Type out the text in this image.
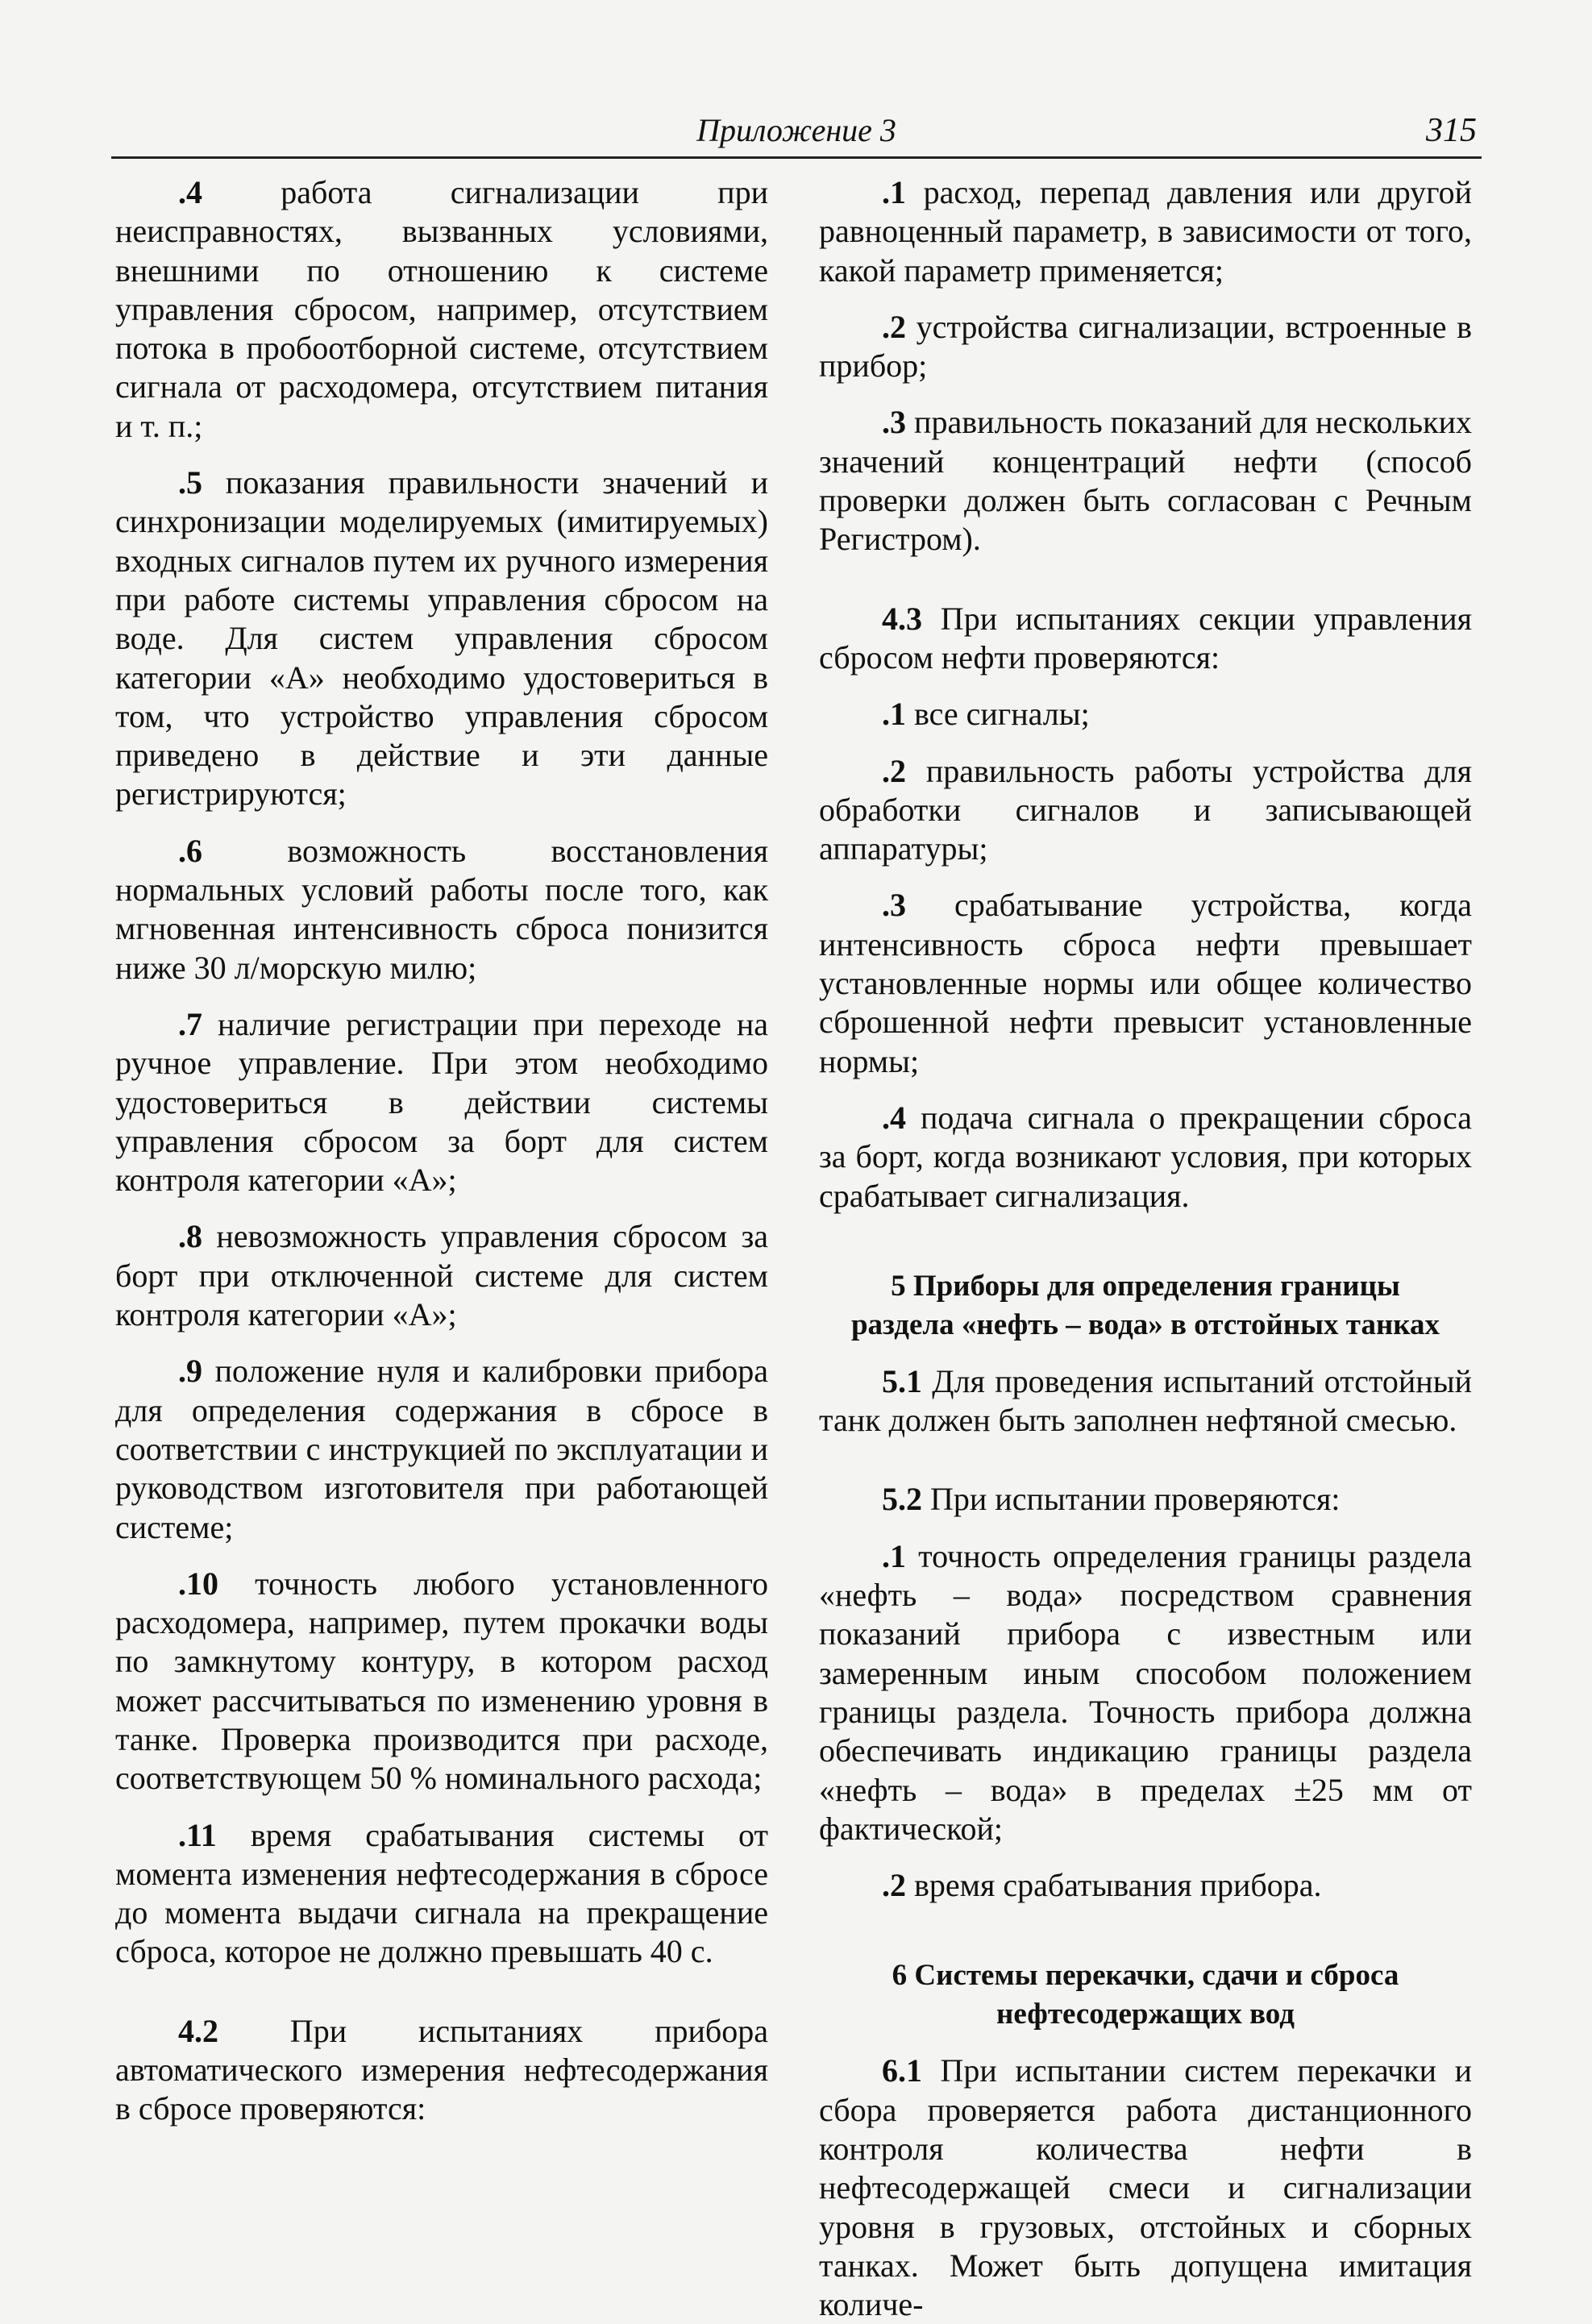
Приложение 3	315

.4 работа сигнализации при неисправностях, вызванных условиями, внешними по отношению к системе управления сбросом, например, отсутствием потока в пробоотборной системе, отсутствием сигнала от расходомера, отсутствием питания и т. п.;

.5 показания правильности значений и синхронизации моделируемых (имитируемых) входных сигналов путем их ручного измерения при работе системы управления сбросом на воде. Для систем управления сбросом категории «А» необходимо удостовериться в том, что устройство управления сбросом приведено в действие и эти данные регистрируются;

.6 возможность восстановления нормальных условий работы после того, как мгновенная интенсивность сброса понизится ниже 30 л/морскую милю;

.7 наличие регистрации при переходе на ручное управление. При этом необходимо удостовериться в действии системы управления сбросом за борт для систем контроля категории «А»;

.8 невозможность управления сбросом за борт при отключенной системе для систем контроля категории «А»;

.9 положение нуля и калибровки прибора для определения содержания в сбросе в соответствии с инструкцией по эксплуатации и руководством изготовителя при работающей системе;

.10 точность любого установленного расходомера, например, путем прокачки воды по замкнутому контуру, в котором расход может рассчитываться по изменению уровня в танке. Проверка производится при расходе, соответствующем 50 % номинального расхода;

.11 время срабатывания системы от момента изменения нефтесодержания в сбросе до момента выдачи сигнала на прекращение сброса, которое не должно превышать 40 с.

4.2 При испытаниях прибора автоматического измерения нефтесодержания в сбросе проверяются:

.1 расход, перепад давления или другой равноценный параметр, в зависимости от того, какой параметр применяется;

.2 устройства сигнализации, встроенные в прибор;

.3 правильность показаний для нескольких значений концентраций нефти (способ проверки должен быть согласован с Речным Регистром).

4.3 При испытаниях секции управления сбросом нефти проверяются:

.1 все сигналы;

.2 правильность работы устройства для обработки сигналов и записывающей аппаратуры;

.3 срабатывание устройства, когда интенсивность сброса нефти превышает установленные нормы или общее количество сброшенной нефти превысит установленные нормы;

.4 подача сигнала о прекращении сброса за борт, когда возникают условия, при которых срабатывает сигнализация.

5 Приборы для определения границы

раздела «нефть – вода» в отстойных танках

5.1 Для проведения испытаний отстойный танк должен быть заполнен нефтяной смесью.

5.2 При испытании проверяются:

.1 точность определения границы раздела «нефть – вода» посредством сравнения показаний прибора с известным или замеренным иным способом положением границы раздела. Точность прибора должна обеспечивать индикацию границы раздела «нефть – вода» в пределах ±25 мм от фактической;

.2 время срабатывания прибора.

6 Системы перекачки, сдачи и сброса

нефтесодержащих вод

6.1 При испытании систем перекачки и сбора проверяется работа дистанционного контроля количества нефти в нефтесодержащей смеси и сигнализации уровня в грузовых, отстойных и сборных танках. Может быть допущена имитация количе-
